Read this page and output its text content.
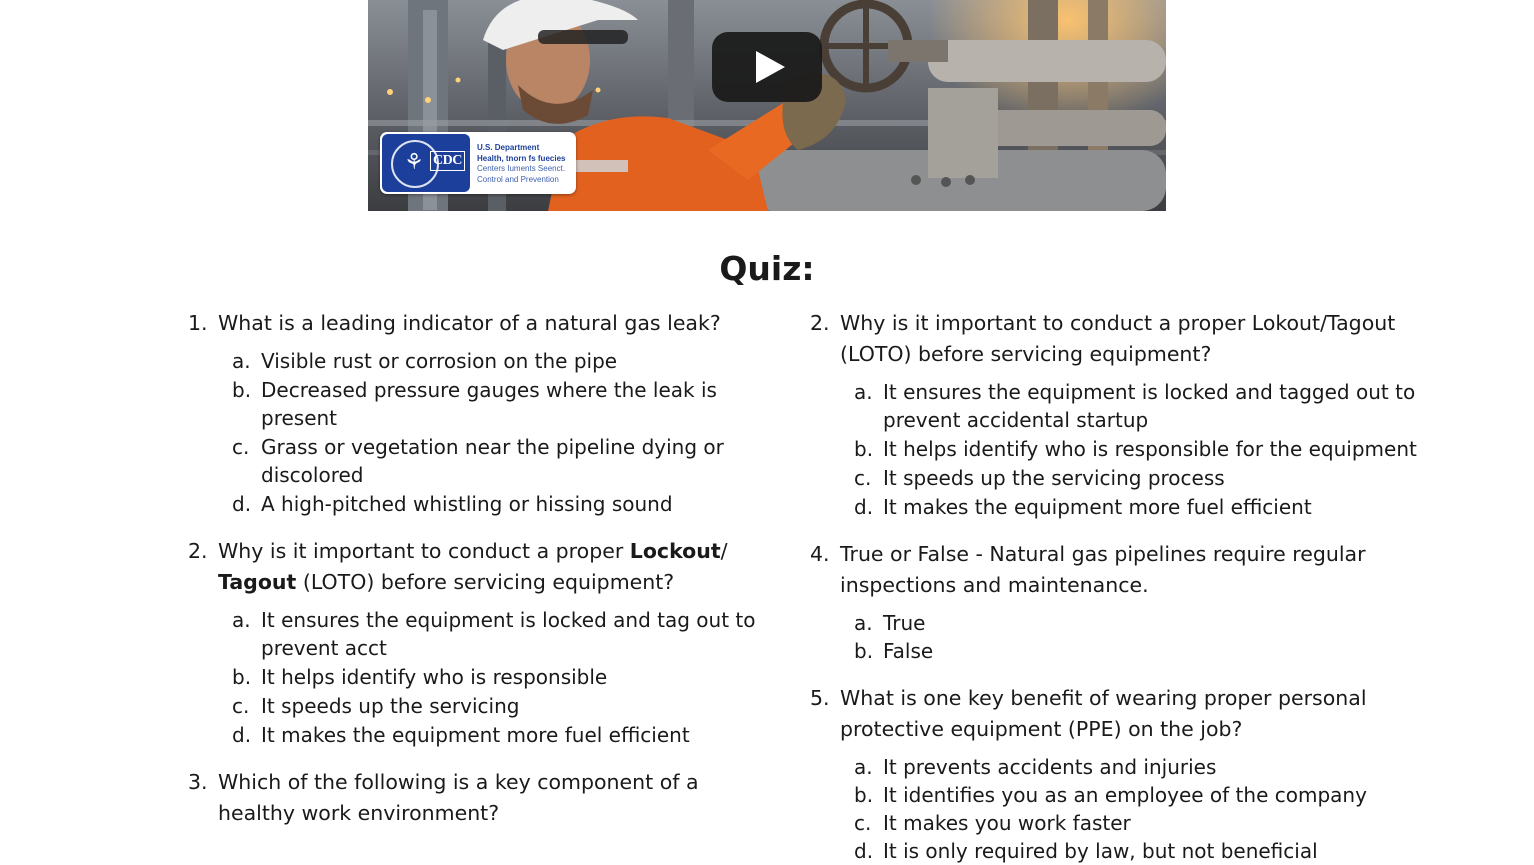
⚘ CDC
U.S. Department
Health, tnorn fs fuecies
Centers Iuments Seenct.
Control and Prevention
Quiz:
1. What is a leading indicator of a natural gas leak?
a. Visible rust or corrosion on the pipe
b. Decreased pressure gauges where the leak is present
c. Grass or vegetation near the pipeline dying or discolored
d. A high-pitched whistling or hissing sound
2. Why is it important to conduct a proper Lockout/ Tagout (LOTO) before servicing equipment?
a. It ensures the equipment is locked and tag out to prevent acct
b. It helps identify who is responsible
c. It speeds up the servicing
d. It makes the equipment more fuel efficient
3. Which of the following is a key component of a healthy work environment?
2. Why is it important to conduct a proper Lokout/Tagout (LOTO) before servicing equipment?
a. It ensures the equipment is locked and tagged out to prevent accidental startup
b. It helps identify who is responsible for the equipment
c. It speeds up the servicing process
d. It makes the equipment more fuel efficient
4. True or False - Natural gas pipelines require regular inspections and maintenance.
a. True
b. False
5. What is one key benefit of wearing proper personal protective equipment (PPE) on the job?
a. It prevents accidents and injuries
b. It identifies you as an employee of the company
c. It makes you work faster
d. It is only required by law, but not beneficial
